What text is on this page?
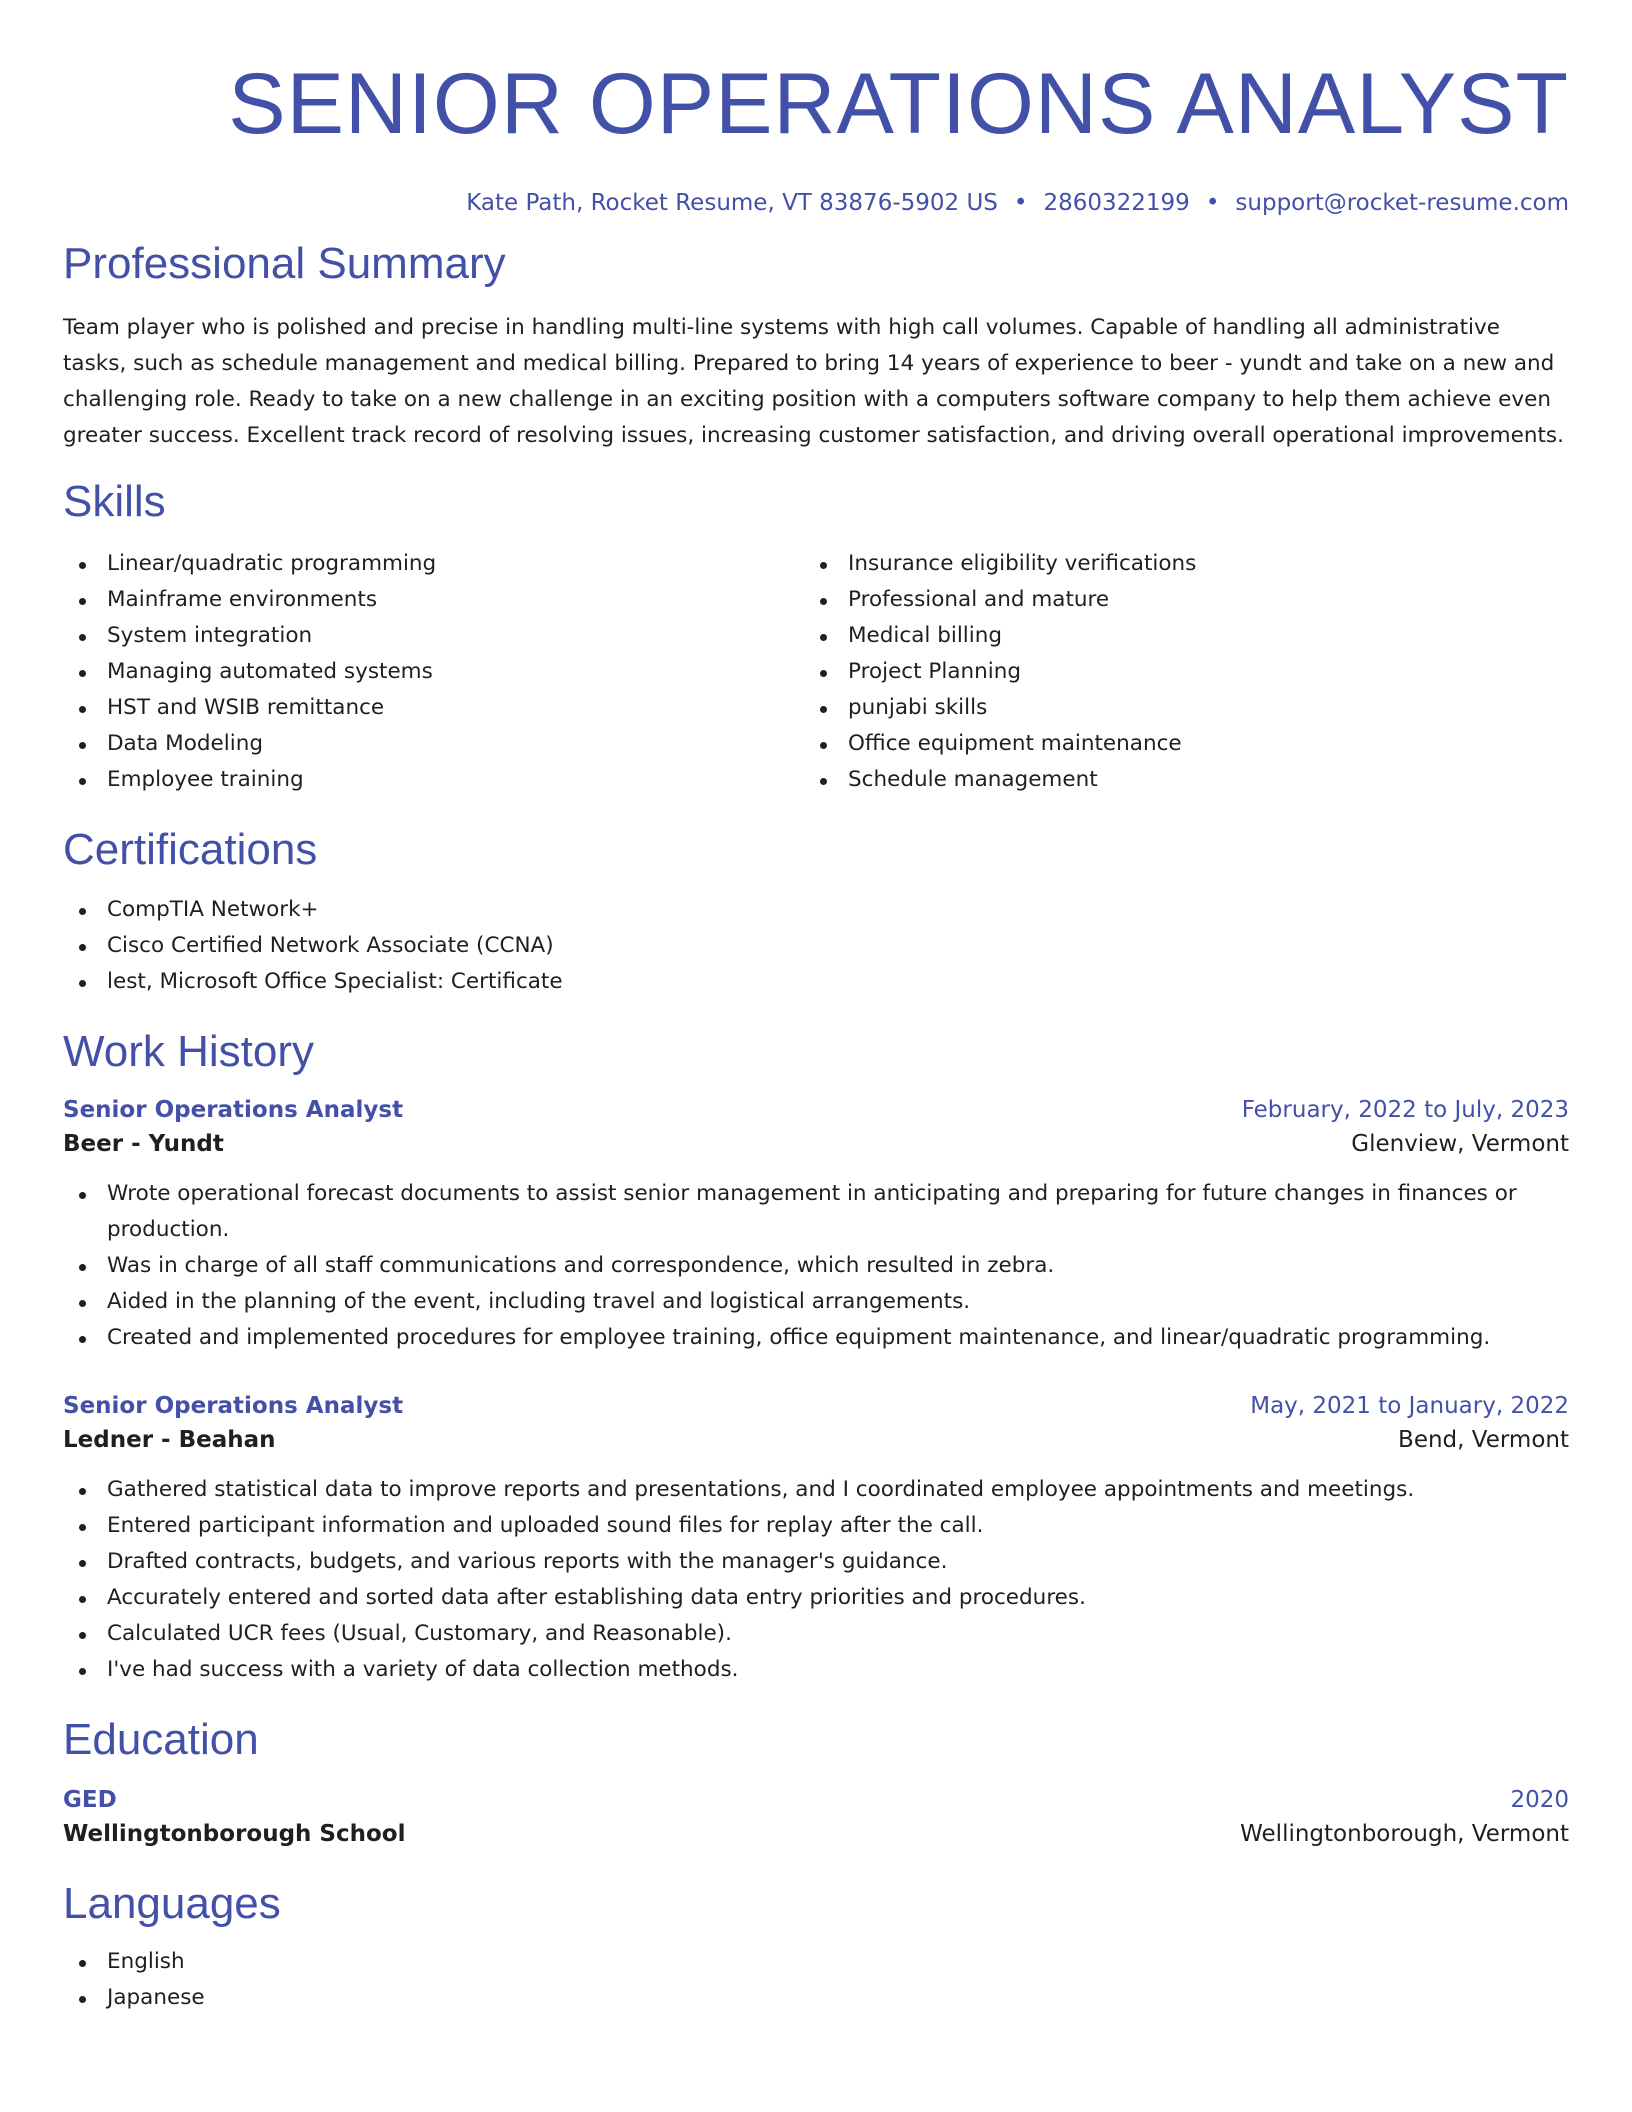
SENIOR OPERATIONS ANALYST
Kate Path, Rocket Resume, VT 83876-5902 US • 2860322199 • support@rocket-resume.com
Professional Summary

Team player who is polished and precise in handling multi-line systems with high call volumes. Capable of handling all administrative tasks, such as schedule management and medical billing. Prepared to bring 14 years of experience to beer - yundt and take on a new and challenging role. Ready to take on a new challenge in an exciting position with a computers software company to help them achieve even greater success. Excellent track record of resolving issues, increasing customer satisfaction, and driving overall operational improvements.

Skills
Linear/quadratic programming
Mainframe environments
System integration
Managing automated systems
HST and WSIB remittance
Data Modeling
Employee training
Insurance eligibility verifications
Professional and mature
Medical billing
Project Planning
punjabi skills
Office equipment maintenance
Schedule management
Certifications
CompTIA Network+
Cisco Certified Network Associate (CCNA)
lest, Microsoft Office Specialist: Certificate
Work History
Senior Operations Analyst	February, 2022 to July, 2023
Beer - Yundt	Glenview, Vermont
Wrote operational forecast documents to assist senior management in anticipating and preparing for future changes in finances or production.
Was in charge of all staff communications and correspondence, which resulted in zebra.
Aided in the planning of the event, including travel and logistical arrangements.
Created and implemented procedures for employee training, office equipment maintenance, and linear/quadratic programming.
Senior Operations Analyst	May, 2021 to January, 2022
Ledner - Beahan	Bend, Vermont
Gathered statistical data to improve reports and presentations, and I coordinated employee appointments and meetings.
Entered participant information and uploaded sound files for replay after the call.
Drafted contracts, budgets, and various reports with the manager's guidance.
Accurately entered and sorted data after establishing data entry priorities and procedures.
Calculated UCR fees (Usual, Customary, and Reasonable).
I've had success with a variety of data collection methods.
Education
GED	2020
Wellingtonborough School	Wellingtonborough, Vermont
Languages
English
Japanese
